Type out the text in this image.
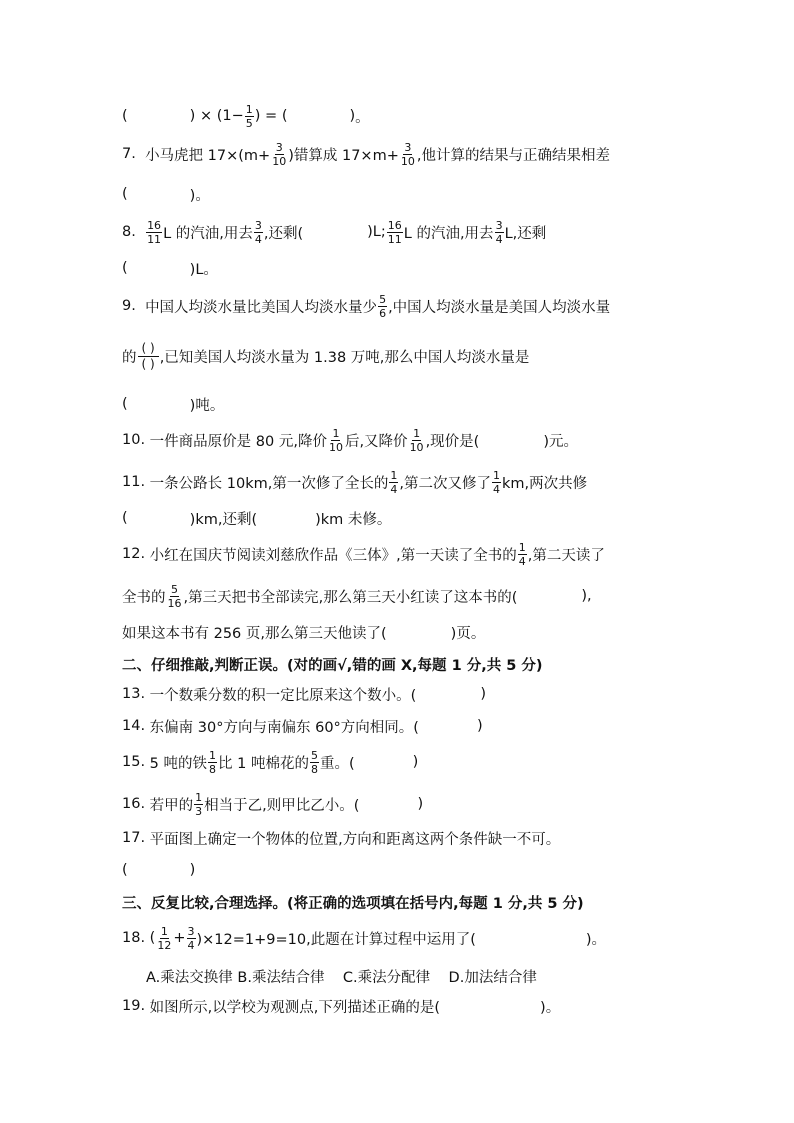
(	)
×
( $1- \frac{1}{5}$ )
=
(	) 。
7.
小马虎把 $17\times(m+ \frac{3}{10}$ )错算成 $17\times m+ \frac{3}{10}$ ,他计算的结果与正确结果相差
(	)。
8.
$\frac{16}{11}$ L 的汽油,用去 $\frac{3}{4}$ ,还剩(	)L; $\frac{16}{11}$ L 的汽油,用去 $\frac{3}{4} L$,还剩
(	)L。
9.
中国人均淡水量比美国人均淡水量少 $\frac{5}{6}$ ,中国人均淡水量是美国人均淡水量
的
( )
( ) ,已知美国人均淡水量为 1.38 万吨,那么中国人均淡水量是
(	)吨。
10.
一件商品原价是 80 元,降价 $\frac{1}{10}$ 后,又降价 $\frac{1}{10}$ ,现价是(	)元。
11.
一条公路长 10km,第一次修了全长的 $\frac{1}{4}$ ,第二次又修了 $\frac{1}{4}$ km,两次共修
(	)km,还剩(	)km 未修。
12.
小红在国庆节阅读刘慈欣作品《三体》,第一天读了全书的 $\frac{1}{4}$ ,第二天读了
全书的 $\frac{5}{16}$ ,第三天把书全部读完,那么第三天小红读了这本书的(	),
如果这本书有 256 页,那么第三天他读了(	)页。
二、仔细推敲,判断正误。(对的画√,错的画 X,每题 1 分,共 5 分)
13.
一个数乘分数的积一定比原来这个数小。(	)
14.
东偏南 30°方向与南偏东 60°方向相同。(	)
15.
5 吨的铁 $\frac{1}{8}$ 比 1 吨棉花的 $\frac{5}{8}$ 重。(	)
16.
若甲的 $\frac{1}{3}$ 相当于乙,则甲比乙小。(	)
17.
平面图上确定一个物体的位置,方向和距离这两个条件缺一不可。
(	)
三、反复比较,合理选择。(将正确的选项填在括号内,每题 1 分,共 5 分)
18.
( $\frac{1}{12} + \frac{3}{4} )\times 12=1+9=10$,此题在计算过程中运用了(	)。
A.乘法交换律 B.乘法结合律    C.乘法分配律    D.加法结合律
19.
如图所示,以学校为观测点,下列描述正确的是(	)。
